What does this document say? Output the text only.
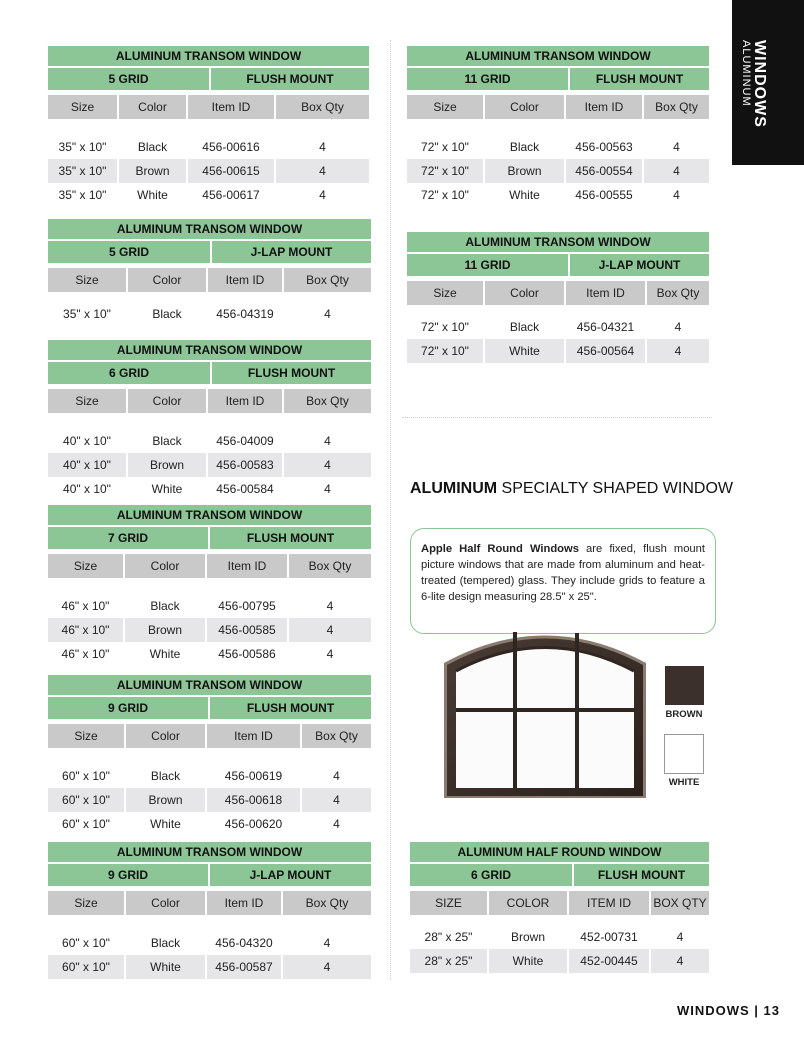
WINDOWS
ALUMINUM
ALUMINUM TRANSOM WINDOW
5 GRID	FLUSH MOUNT
Size	Color	Item ID	Box Qty
35" x 10"	Black	456-00616	4
35" x 10"	Brown	456-00615	4
35" x 10"	White	456-00617	4
ALUMINUM TRANSOM WINDOW
5 GRID	J-LAP MOUNT
Size	Color	Item ID	Box Qty
35" x 10"	Black	456-04319	4
ALUMINUM TRANSOM WINDOW
6 GRID	FLUSH MOUNT
Size	Color	Item ID	Box Qty
40" x 10"	Black	456-04009	4
40" x 10"	Brown	456-00583	4
40" x 10"	White	456-00584	4
ALUMINUM TRANSOM WINDOW
7 GRID	FLUSH MOUNT
Size	Color	Item ID	Box Qty
46" x 10"	Black	456-00795	4
46" x 10"	Brown	456-00585	4
46" x 10"	White	456-00586	4
ALUMINUM TRANSOM WINDOW
9 GRID	FLUSH MOUNT
Size	Color	Item ID	Box Qty
60" x 10"	Black	456-00619	4
60" x 10"	Brown	456-00618	4
60" x 10"	White	456-00620	4
ALUMINUM TRANSOM WINDOW
9 GRID	J-LAP MOUNT
Size	Color	Item ID	Box Qty
60" x 10"	Black	456-04320	4
60" x 10"	White	456-00587	4
ALUMINUM TRANSOM WINDOW
11 GRID	FLUSH MOUNT
Size	Color	Item ID	Box Qty
72" x 10"	Black	456-00563	4
72" x 10"	Brown	456-00554	4
72" x 10"	White	456-00555	4
ALUMINUM TRANSOM WINDOW
11 GRID	J-LAP MOUNT
Size	Color	Item ID	Box Qty
72" x 10"	Black	456-04321	4
72" x 10"	White	456-00564	4
ALUMINUM HALF ROUND WINDOW
6 GRID	FLUSH MOUNT
SIZE	COLOR	ITEM ID	BOX QTY
28" x 25"	Brown	452-00731	4
28" x 25"	White	452-00445	4
ALUMINUM SPECIALTY SHAPED WINDOW
Apple Half Round Windows are fixed, flush mount picture windows that are made from aluminum and heat-treated (tempered) glass. They include grids to feature a 6-lite design measuring 28.5" x 25".
BROWN
WHITE
WINDOWS | 13
